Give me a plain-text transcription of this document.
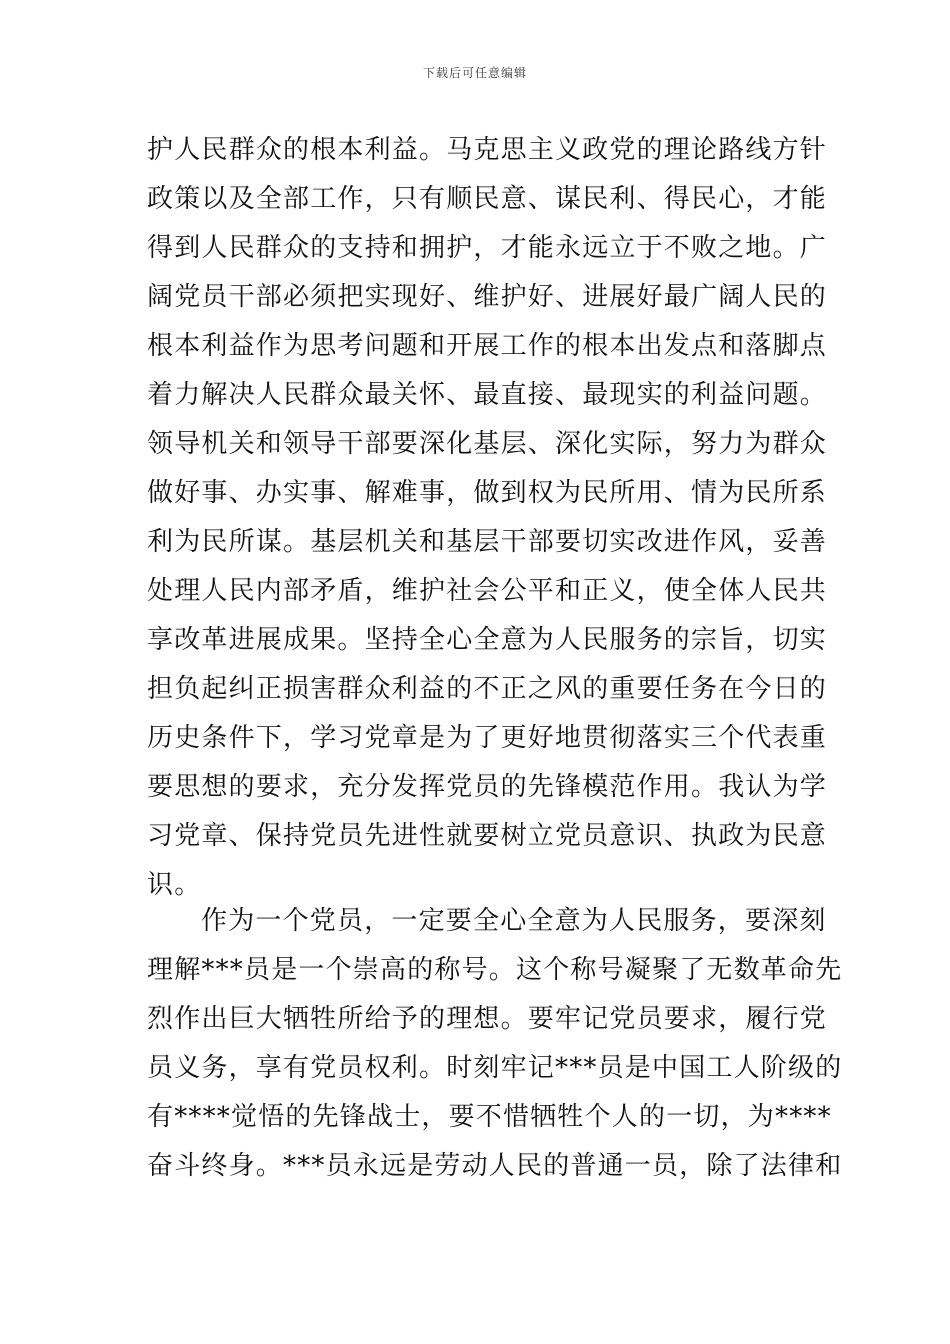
下载后可任意编辑
护人民群众的根本利益。马克思主义政党的理论路线方针
政策以及全部工作，只有顺民意、谋民利、得民心，才能
得到人民群众的支持和拥护，才能永远立于不败之地。广
阔党员干部必须把实现好、维护好、进展好最广阔人民的
根本利益作为思考问题和开展工作的根本出发点和落脚点
着力解决人民群众最关怀、最直接、最现实的利益问题。
领导机关和领导干部要深化基层、深化实际，努力为群众
做好事、办实事、解难事，做到权为民所用、情为民所系
利为民所谋。基层机关和基层干部要切实改进作风，妥善
处理人民内部矛盾，维护社会公平和正义，使全体人民共
享改革进展成果。坚持全心全意为人民服务的宗旨，切实
担负起纠正损害群众利益的不正之风的重要任务在今日的
历史条件下，学习党章是为了更好地贯彻落实三个代表重
要思想的要求，充分发挥党员的先锋模范作用。我认为学
习党章、保持党员先进性就要树立党员意识、执政为民意
识。
作为一个党员，一定要全心全意为人民服务，要深刻
理解***员是一个崇高的称号。这个称号凝聚了无数革命先
烈作出巨大牺牲所给予的理想。要牢记党员要求，履行党
员义务，享有党员权利。时刻牢记***员是中国工人阶级的
有****觉悟的先锋战士，要不惜牺牲个人的一切，为****
奋斗终身。***员永远是劳动人民的普通一员，除了法律和
